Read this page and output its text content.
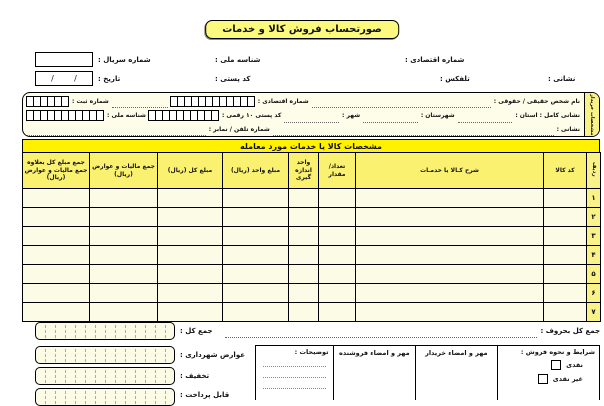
صورتحساب فروش کالا و خدمات
شماره سریال :	شناسه ملی :	شماره اقتصادی :
/        /	تاریخ :	کد پستی :	تلفکس :	نشانی :
مشخصات خریدار
نام شخص حقیقی / حقوقی :
شماره اقتصادی :
شماره ثبت :
نشانی کامل : استان :
شهرستان :
شهر :
کد پستی ۱۰ رقمی :
شناسه ملی :
نشانی :
شماره تلفن / نمابر :
مشخصات کالا یا خدمات مورد معامله
ردیف	کد کالا	شرح کـالا یا خدمـات	تعداد/ مقدار	واحد اندازه گیری	مبلغ واحد (ریال)	مبلغ کل (ریال)	جمع مالیات و عوارض (ریال)	جمع مبلغ کل بعلاوه جمع مالیات و عوارض (ریال)
۱								
۲								
۳								
۴								
۵								
۶								
۷								
جمع کل بحروف :
جمع کل :
عوارض شهرداری :
تخفیف :
قابل پرداخت :
شرایط و نحوه فروش :
نقدی
غیر نقدی
مهر و امضاء خریدار
مهر و امضاء فروشنده
توضیحات :
